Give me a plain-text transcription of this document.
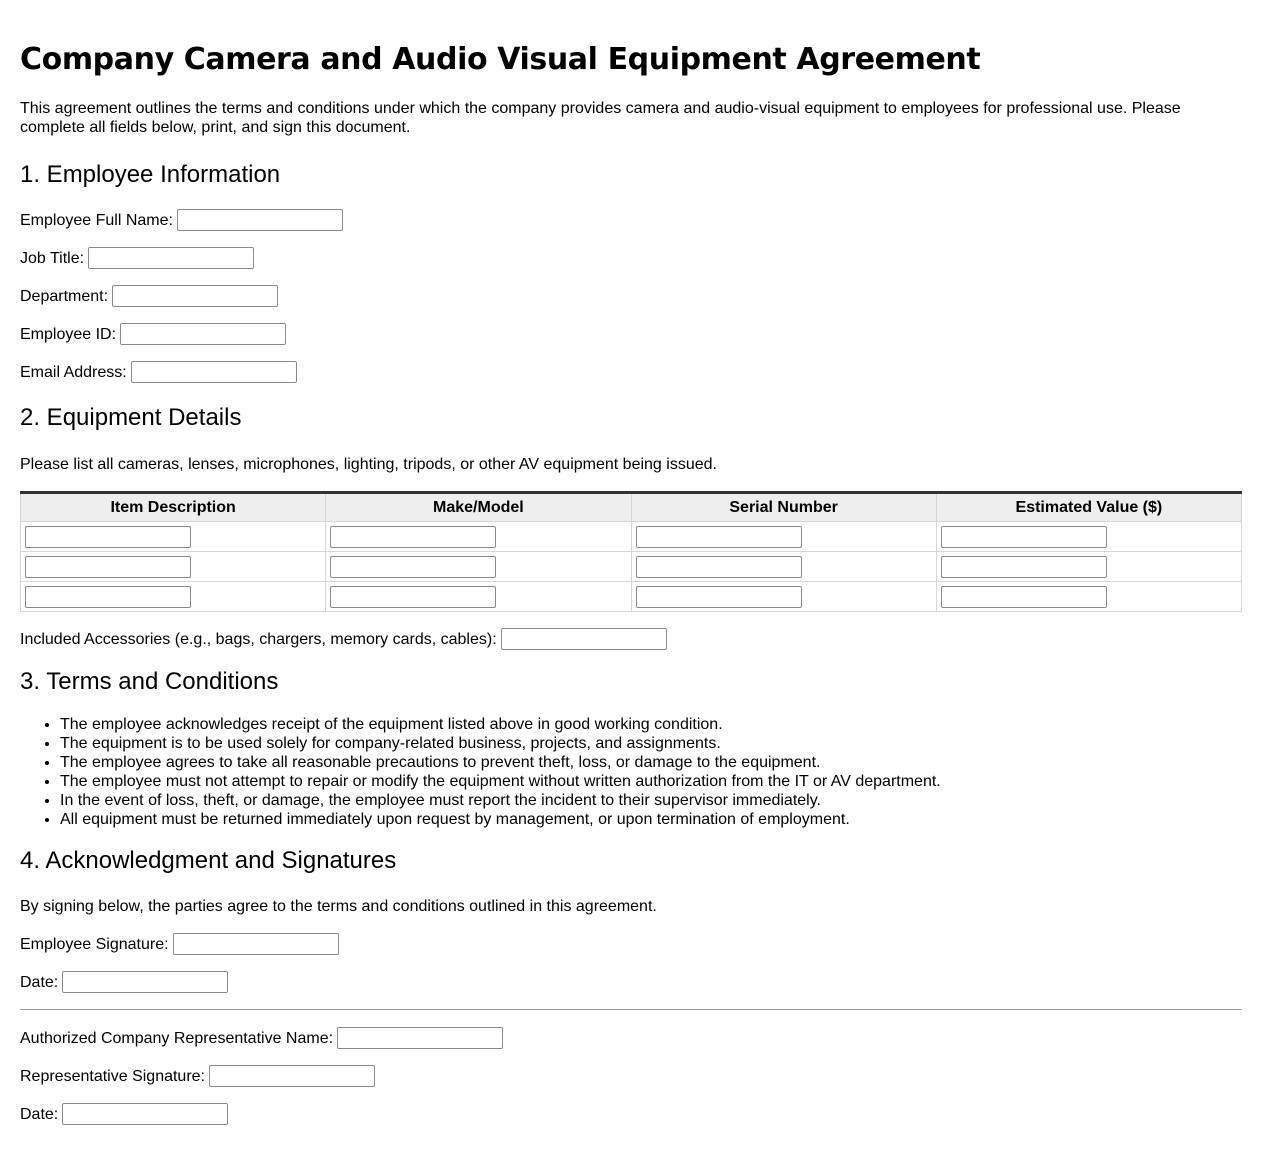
Company Camera and Audio Visual Equipment Agreement

This agreement outlines the terms and conditions under which the company provides camera and audio-visual equipment to employees for professional use. Please complete all fields below, print, and sign this document.

1. Employee Information
Employee Full Name:
Job Title:
Department:
Employee ID:
Email Address:
2. Equipment Details

Please list all cameras, lenses, microphones, lighting, tripods, or other AV equipment being issued.

Item Description	Make/Model	Serial Number	Estimated Value ($)

Included Accessories (e.g., bags, chargers, memory cards, cables):
3. Terms and Conditions
• The employee acknowledges receipt of the equipment listed above in good working condition.
• The equipment is to be used solely for company-related business, projects, and assignments.
• The employee agrees to take all reasonable precautions to prevent theft, loss, or damage to the equipment.
• The employee must not attempt to repair or modify the equipment without written authorization from the IT or AV department.
• In the event of loss, theft, or damage, the employee must report the incident to their supervisor immediately.
• All equipment must be returned immediately upon request by management, or upon termination of employment.
4. Acknowledgment and Signatures

By signing below, the parties agree to the terms and conditions outlined in this agreement.

Employee Signature:
Date:
Authorized Company Representative Name:
Representative Signature:
Date:
